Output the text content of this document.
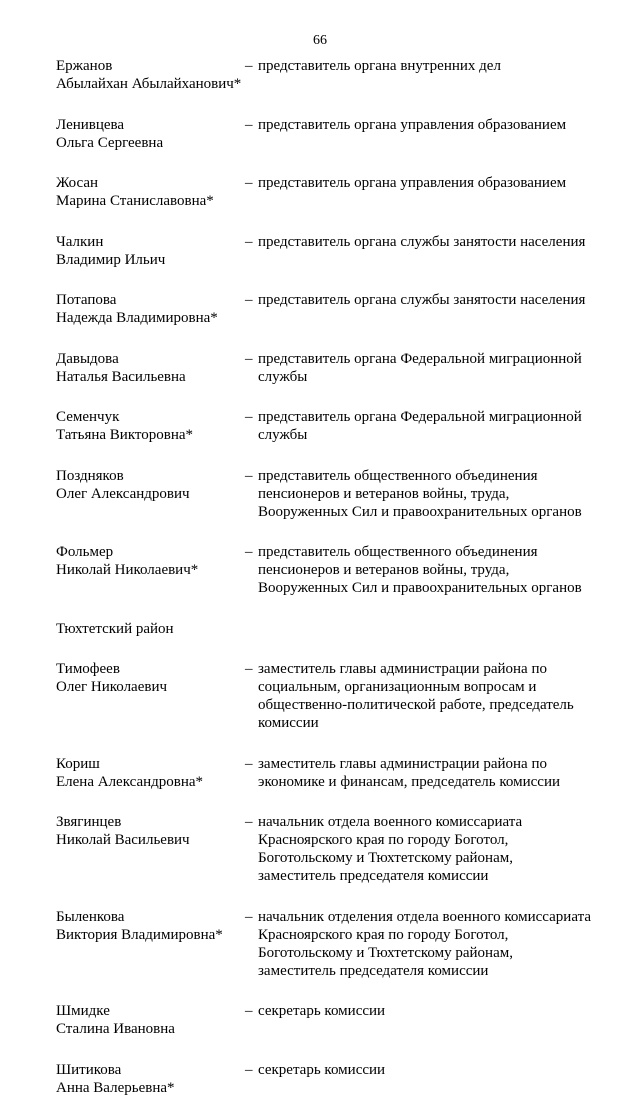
66
Ержанов
Абылайхан Абылайханович*
– представитель органа внутренних дел
Ленивцева
Ольга Сергеевна
– представитель органа управления образованием
Жосан
Марина Станиславовна*
– представитель органа управления образованием
Чалкин
Владимир Ильич
– представитель органа службы занятости населения
Потапова
Надежда Владимировна*
– представитель органа службы занятости населения
Давыдова
Наталья Васильевна
– представитель органа Федеральной миграционной
службы
Семенчук
Татьяна Викторовна*
– представитель органа Федеральной миграционной
службы
Поздняков
Олег Александрович
– представитель общественного объединения
пенсионеров и ветеранов войны, труда,
Вооруженных Сил и правоохранительных органов
Фольмер
Николай Николаевич*
– представитель общественного объединения
пенсионеров и ветеранов войны, труда,
Вооруженных Сил и правоохранительных органов
Тюхтетский район
Тимофеев
Олег Николаевич
– заместитель главы администрации района по
социальным, организационным вопросам и
общественно-политической работе, председатель
комиссии
Кориш
Елена Александровна*
– заместитель главы администрации района по
экономике и финансам, председатель комиссии
Звягинцев
Николай Васильевич
– начальник отдела военного комиссариата
Красноярского края по городу Боготол,
Боготольскому и Тюхтетскому районам,
заместитель председателя комиссии
Быленкова
Виктория Владимировна*
– начальник отделения отдела военного комиссариата
Красноярского края по городу Боготол,
Боготольскому и Тюхтетскому районам,
заместитель председателя комиссии
Шмидке
Сталина Ивановна
– секретарь комиссии
Шитикова
Анна Валерьевна*
– секретарь комиссии
